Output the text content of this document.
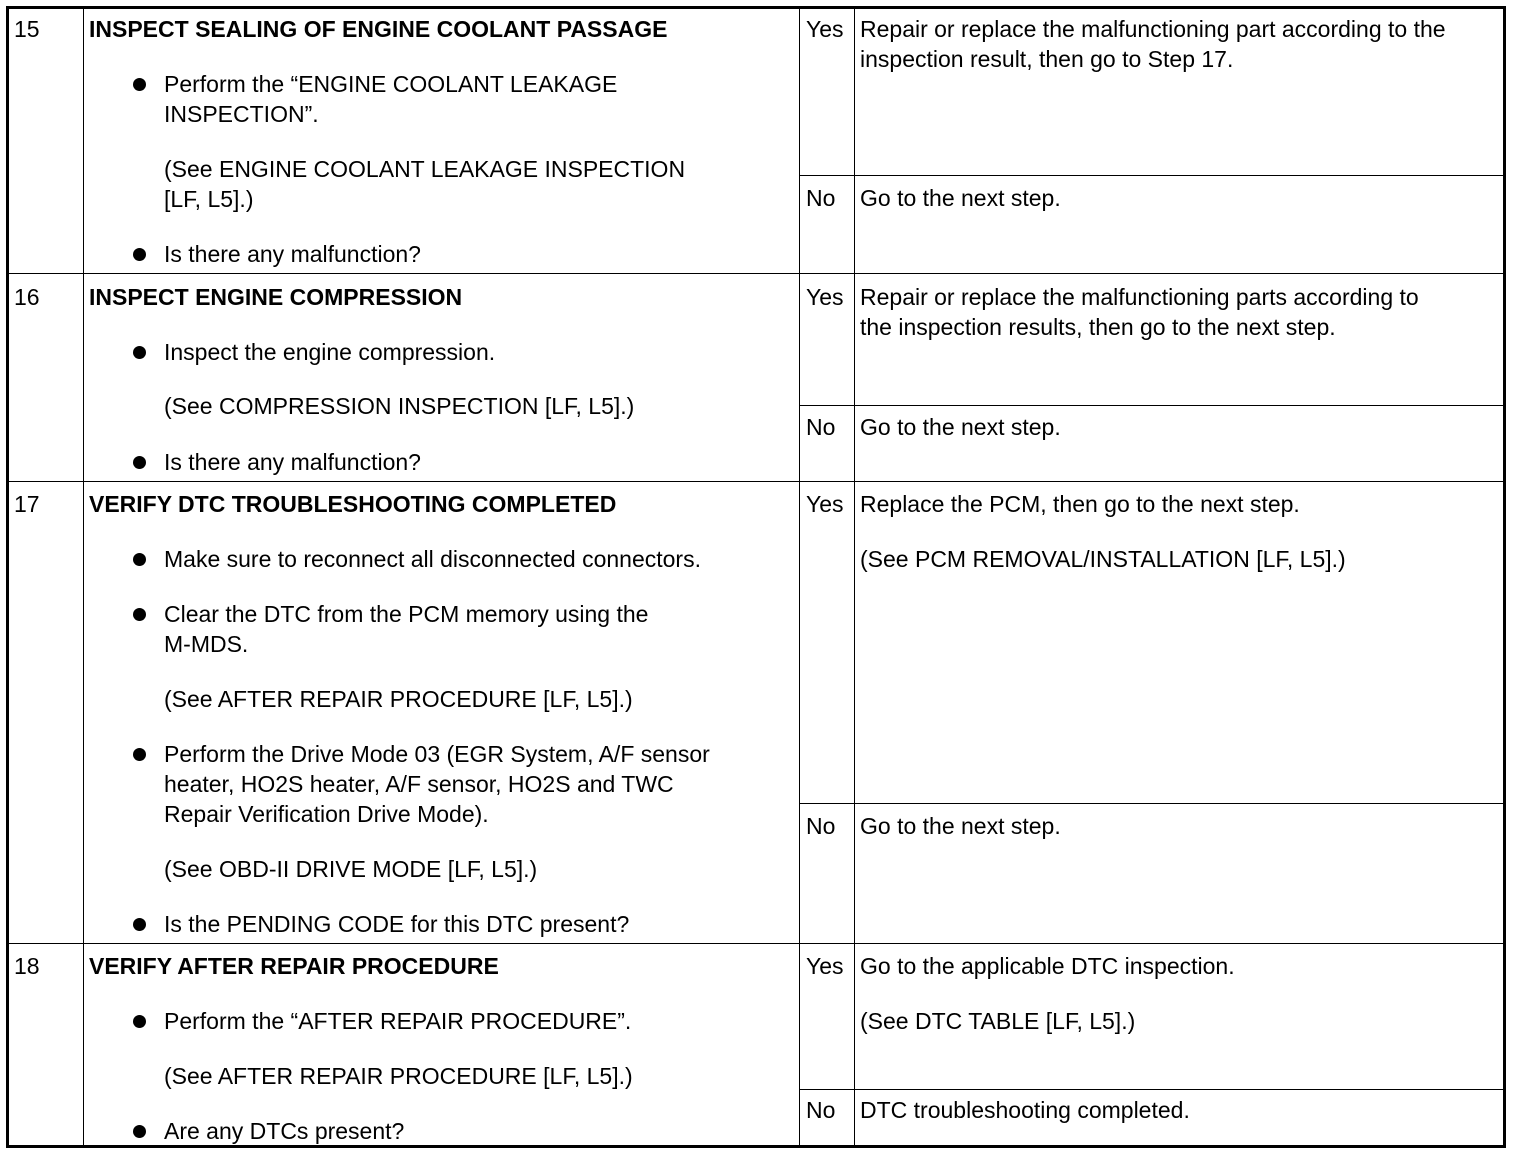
15 INSPECT SEALING OF ENGINE COOLANT PASSAGE
Perform the “ENGINE COOLANT LEAKAGE
INSPECTION”.
(See ENGINE COOLANT LEAKAGE INSPECTION
[LF, L5].)
Is there any malfunction?
Yes Repair or replace the malfunctioning part according to the
inspection result, then go to Step 17.
No Go to the next step.
16 INSPECT ENGINE COMPRESSION
Inspect the engine compression.
(See COMPRESSION INSPECTION [LF, L5].)
Is there any malfunction?
Yes Repair or replace the malfunctioning parts according to
the inspection results, then go to the next step.
No Go to the next step.
17 VERIFY DTC TROUBLESHOOTING COMPLETED
Make sure to reconnect all disconnected connectors.
Clear the DTC from the PCM memory using the
M-MDS.
(See AFTER REPAIR PROCEDURE [LF, L5].)
Perform the Drive Mode 03 (EGR System, A/F sensor
heater, HO2S heater, A/F sensor, HO2S and TWC
Repair Verification Drive Mode).
(See OBD-II DRIVE MODE [LF, L5].)
Is the PENDING CODE for this DTC present?
Yes Replace the PCM, then go to the next step.
(See PCM REMOVAL/INSTALLATION [LF, L5].)
No Go to the next step.
18 VERIFY AFTER REPAIR PROCEDURE
Perform the “AFTER REPAIR PROCEDURE”.
(See AFTER REPAIR PROCEDURE [LF, L5].)
Are any DTCs present?
Yes Go to the applicable DTC inspection.
(See DTC TABLE [LF, L5].)
No DTC troubleshooting completed.
